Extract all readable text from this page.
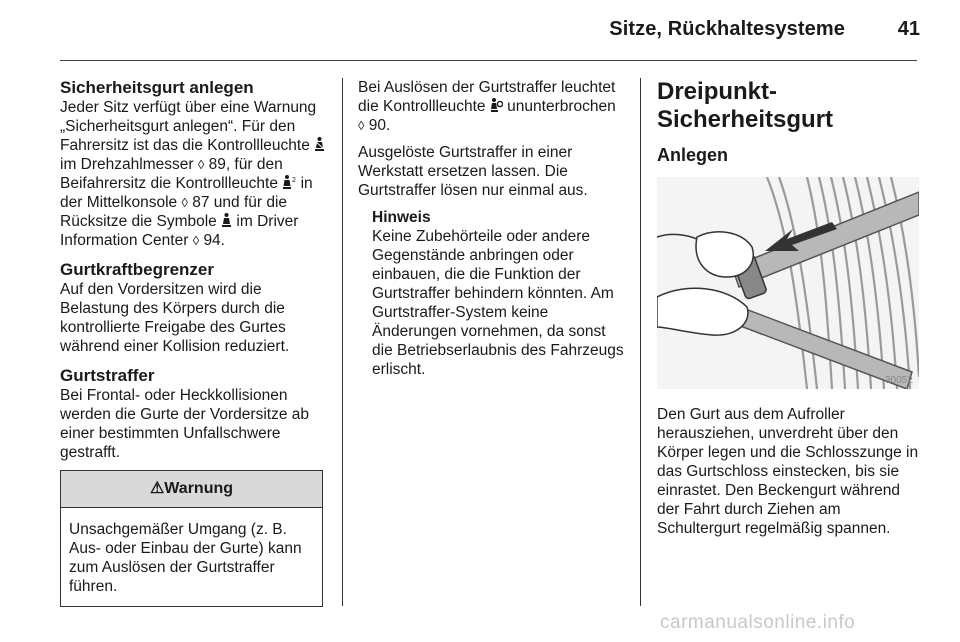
Sitze, Rückhaltesysteme	41
Sicherheitsgurt anlegen

Jeder Sitz verfügt über eine Warnung „Sicherheitsgurt anlegen“. Für den Fahrersitz ist das die Kontrollleuchte  im Drehzahlmesser ◊ 89, für den Beifahrersitz die Kontrollleuchte 2 in der Mittelkonsole ◊ 87 und für die Rücksitze die Symbole im Driver Information Center ◊ 94.

Gurtkraftbegrenzer

Auf den Vordersitzen wird die Belastung des Körpers durch die kontrollierte Freigabe des Gurtes während einer Kollision reduziert.

Gurtstraffer

Bei Frontal- oder Heckkollisionen werden die Gurte der Vordersitze ab einer bestimmten Unfallschwere gestrafft.

⚠Warnung
Unsachgemäßer Umgang (z. B. Aus- oder Einbau der Gurte) kann zum Auslösen der Gurtstraffer führen.

Bei Auslösen der Gurtstraffer leuchtet die Kontrollleuchte ununterbrochen ◊ 90.

Ausgelöste Gurtstraffer in einer Werkstatt ersetzen lassen. Die Gurtstraffer lösen nur einmal aus.

Hinweis
Keine Zubehörteile oder andere Gegenstände anbringen oder einbauen, die die Funktion der Gurtstraffer behindern könnten. Am Gurtstraffer-System keine Änderungen vornehmen, da sonst die Betriebserlaubnis des Fahrzeugs erlischt.
Dreipunkt-Sicherheitsgurt
Anlegen
30052

Den Gurt aus dem Aufroller herausziehen, unverdreht über den Körper legen und die Schlosszunge in das Gurtschloss einstecken, bis sie einrastet. Den Beckengurt während der Fahrt durch Ziehen am Schultergurt regelmäßig spannen.

carmanualsonline.info
